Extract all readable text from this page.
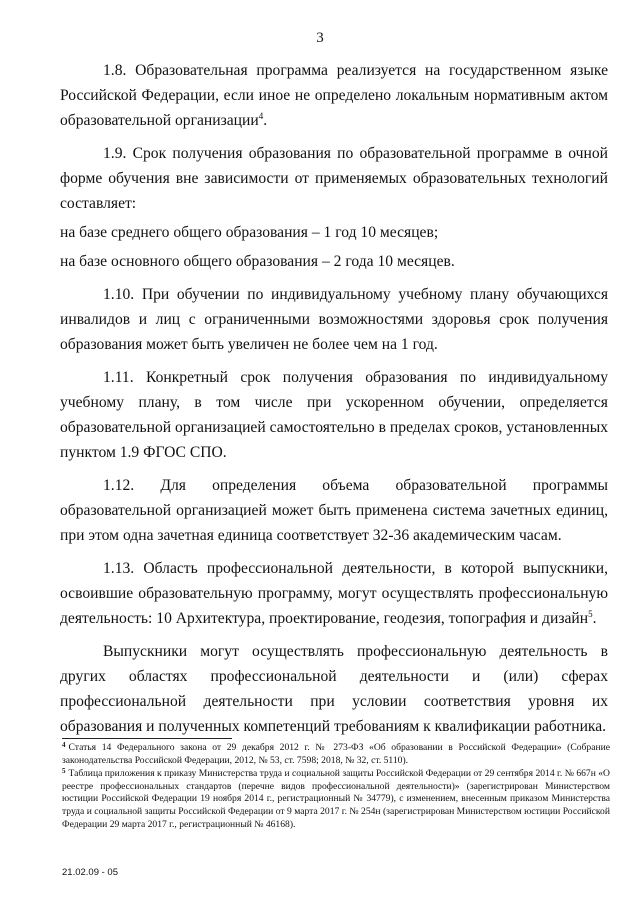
3

1.8. Образовательная программа реализуется на государственном языке Российской Федерации, если иное не определено локальным нормативным актом образовательной организации$^4$.

1.9. Срок получения образования по образовательной программе в очной форме обучения вне зависимости от применяемых образовательных технологий составляет:

на базе среднего общего образования – 1 год 10 месяцев;

на базе основного общего образования – 2 года 10 месяцев.

1.10. При обучении по индивидуальному учебному плану обучающихся инвалидов и лиц с ограниченными возможностями здоровья срок получения образования может быть увеличен не более чем на 1 год.

1.11. Конкретный срок получения образования по индивидуальному учебному плану, в том числе при ускоренном обучении, определяется образовательной организацией самостоятельно в пределах сроков, установленных пунктом 1.9 ФГОС СПО.

1.12. Для определения объема образовательной программы образовательной организацией может быть применена система зачетных единиц, при этом одна зачетная единица соответствует 32-36 академическим часам.

1.13. Область профессиональной деятельности, в которой выпускники, освоившие образовательную программу, могут осуществлять профессиональную деятельность: 10 Архитектура, проектирование, геодезия, топография и дизайн$^5$.

Выпускники могут осуществлять профессиональную деятельность в других областях профессиональной деятельности и (или) сферах профессиональной деятельности при условии соответствия уровня их образования и полученных компетенций требованиям к квалификации работника.

$^4$ Статья 14 Федерального закона от 29 декабря 2012 г. № 273-ФЗ «Об образовании в Российской Федерации» (Собрание законодательства Российской Федерации, 2012, № 53, ст. 7598; 2018, № 32, ст. 5110).

$^5$ Таблица приложения к приказу Министерства труда и социальной защиты Российской Федерации от 29 сентября 2014 г. № 667н «О реестре профессиональных стандартов (перечне видов профессиональной деятельности)» (зарегистрирован Министерством юстиции Российской Федерации 19 ноября 2014 г., регистрационный № 34779), с изменением, внесенным приказом Министерства труда и социальной защиты Российской Федерации от 9 марта 2017 г. № 254н (зарегистрирован Министерством юстиции Российской Федерации 29 марта 2017 г., регистрационный № 46168).

21.02.09 - 05
